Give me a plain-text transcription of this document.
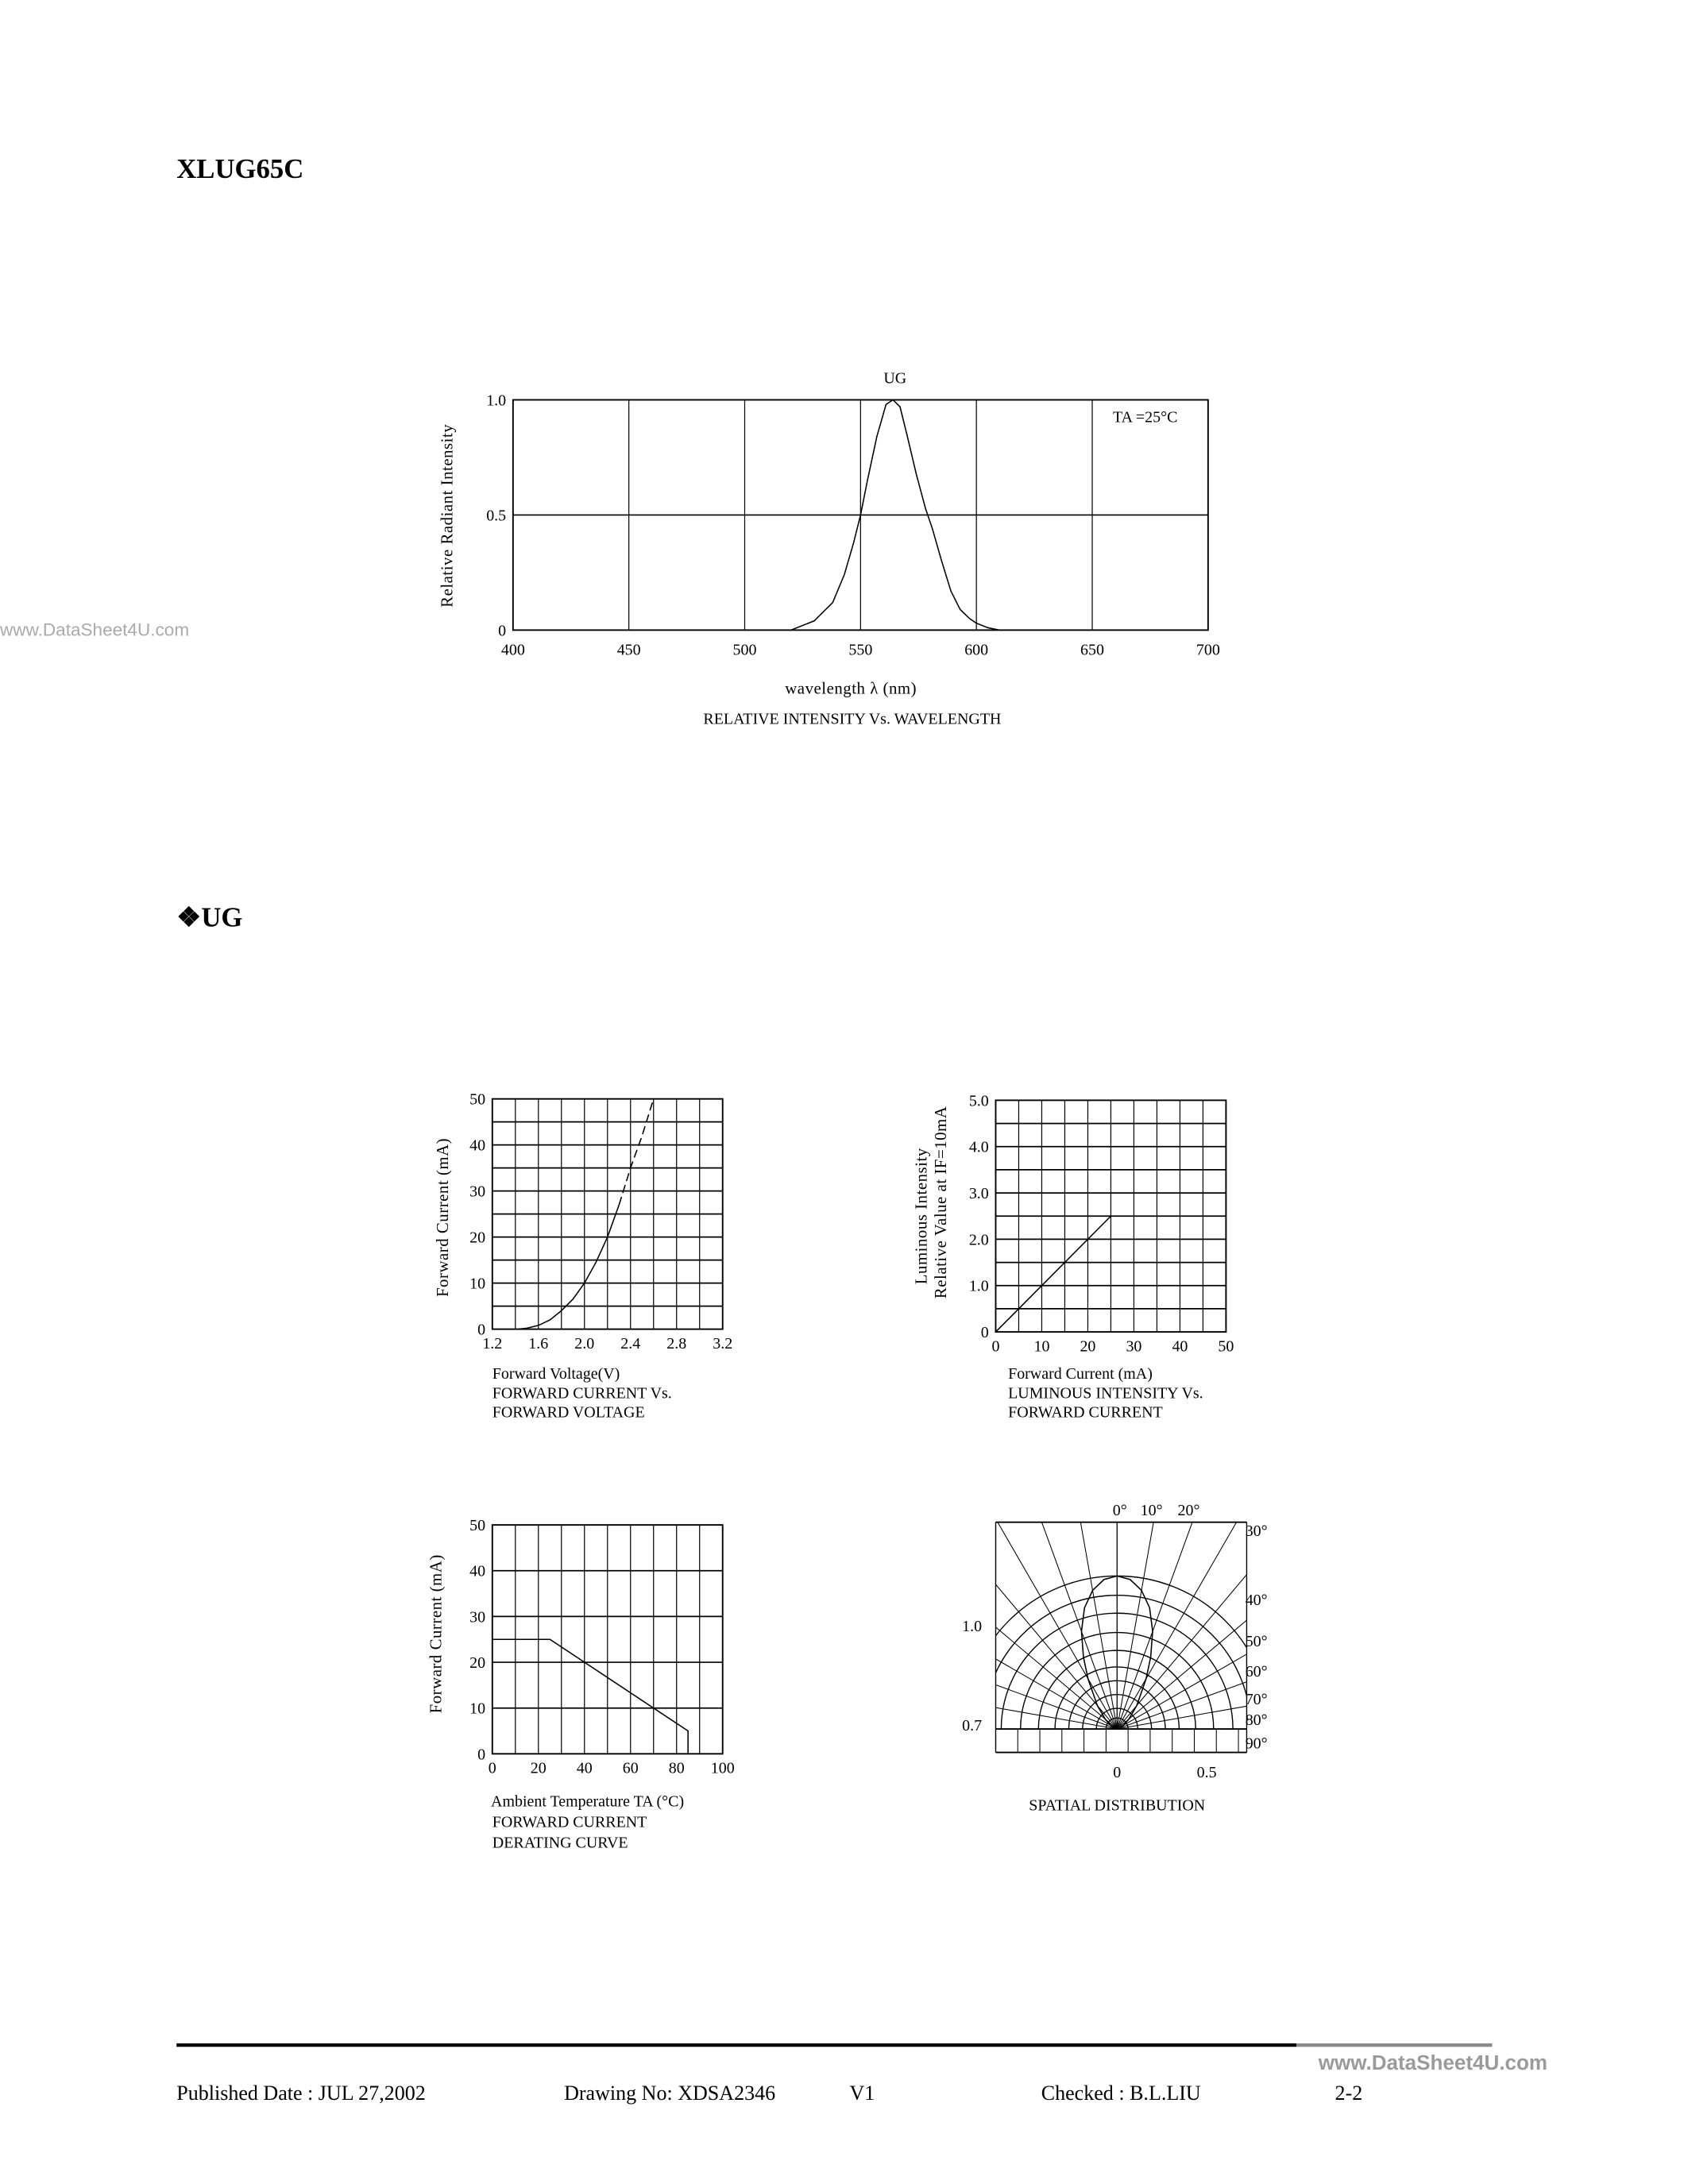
XLUG65C
www.DataSheet4U.com
❖UG
UG
TA =25°C
Relative Radiant Intensity
wavelength λ (nm)
RELATIVE INTENSITY Vs. WAVELENGTH
400	450	500	550	600	650	700
0
0.5
1.0
Forward Current (mA)
Forward Voltage(V)
FORWARD CURRENT Vs.
FORWARD VOLTAGE
1.2	1.6	2.0	2.4	2.8	3.2
0
10
20
30
40
50
Luminous Intensity Relative Value at IF=10mA
Forward Current (mA)
LUMINOUS INTENSITY Vs.
FORWARD CURRENT
0	10	20	30	40	50
0
1.0
2.0
3.0
4.0
5.0
Forward Current (mA)
Ambient Temperature TA (°C)
FORWARD CURRENT
DERATING CURVE
0	20	40	60	80	100
0
10
20
30
40
50
SPATIAL DISTRIBUTION
0° 10° 20°
30°
40°
50°
60°
70°
80°
90°
1.0
0.7
0	0.5
www.DataSheet4U.com
Published Date : JUL 27,2002	Drawing No: XDSA2346	V1	Checked : B.L.LIU	2-2
